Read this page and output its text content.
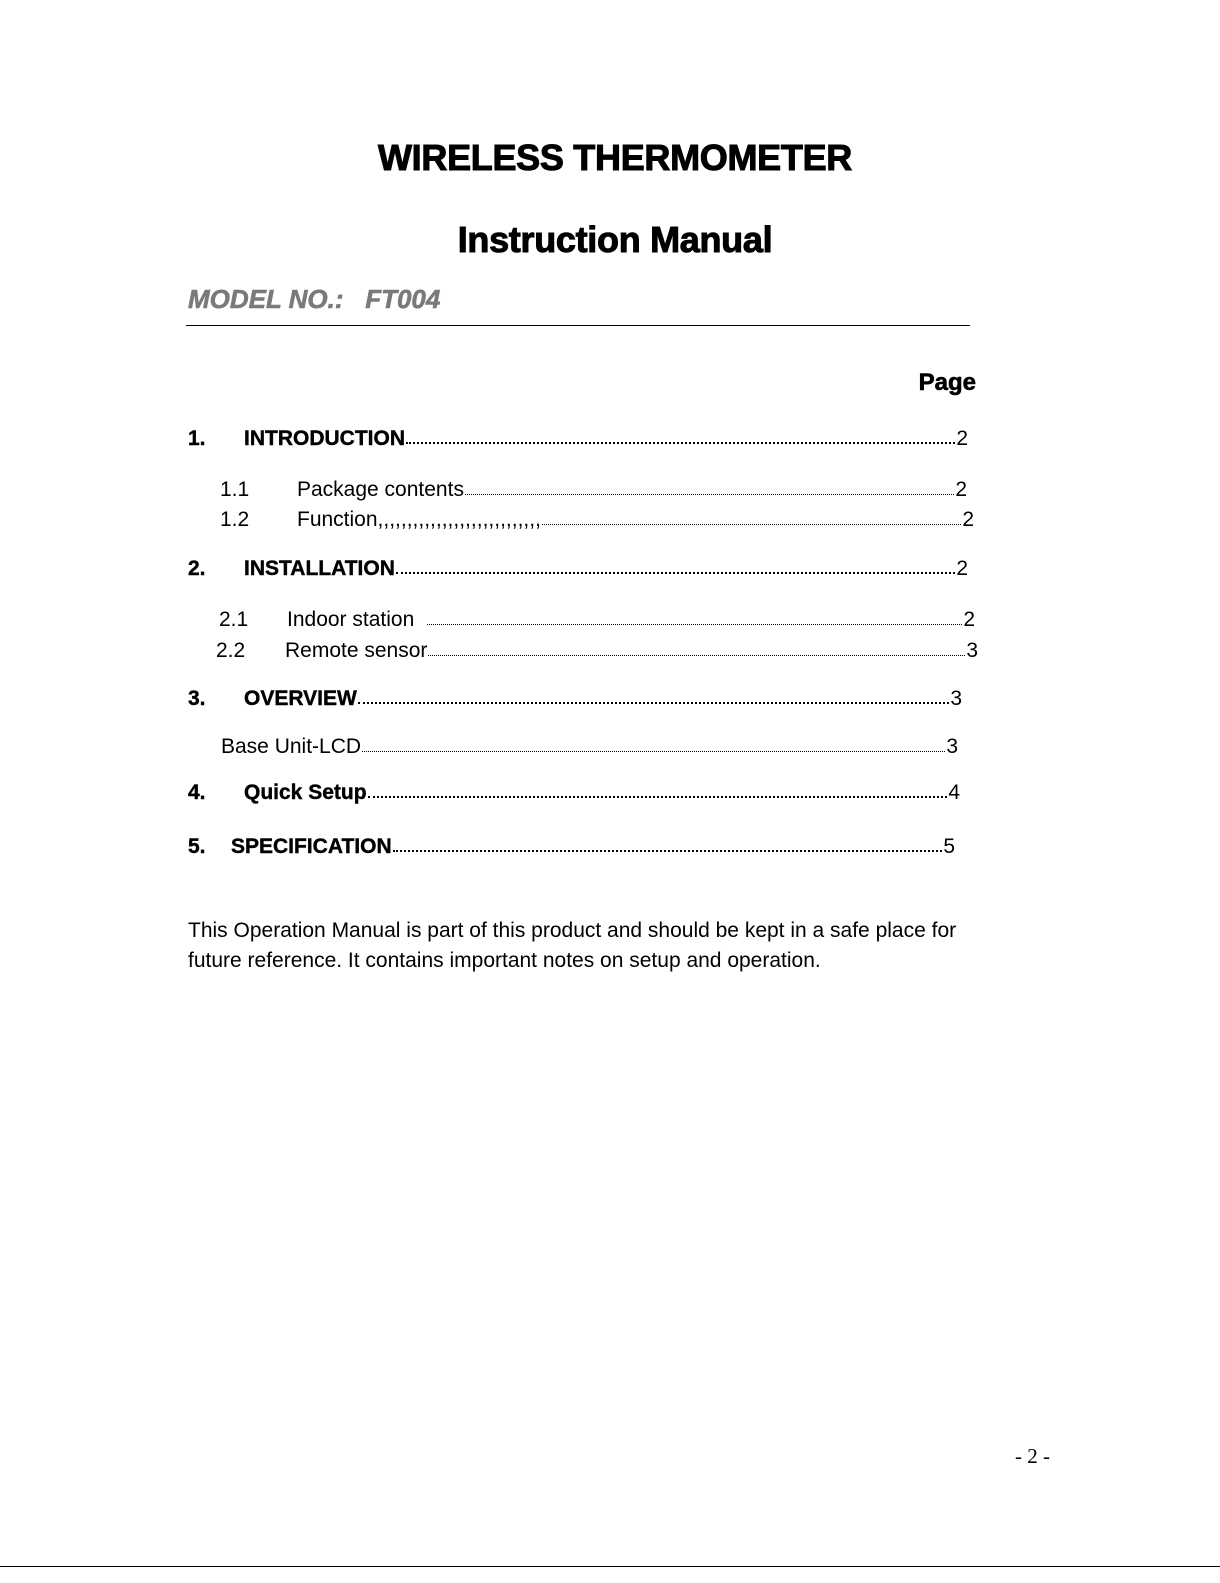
WIRELESS THERMOMETER
Instruction Manual
MODEL NO.: FT004
Page
1.	INTRODUCTION	2
1.1	Package contents	2
1.2	Function,,,,,,,,,,,,,,,,,,,,,,,,,,,,	2
2.	INSTALLATION	2
2.1	Indoor station	2
2.2	Remote sensor	3
3.	OVERVIEW	3
Base Unit-LCD	3
4.	Quick Setup	4
5.	SPECIFICATION	5
This Operation Manual is part of this product and should be kept in a safe place for
future reference. It contains important notes on setup and operation.
- 2 -
